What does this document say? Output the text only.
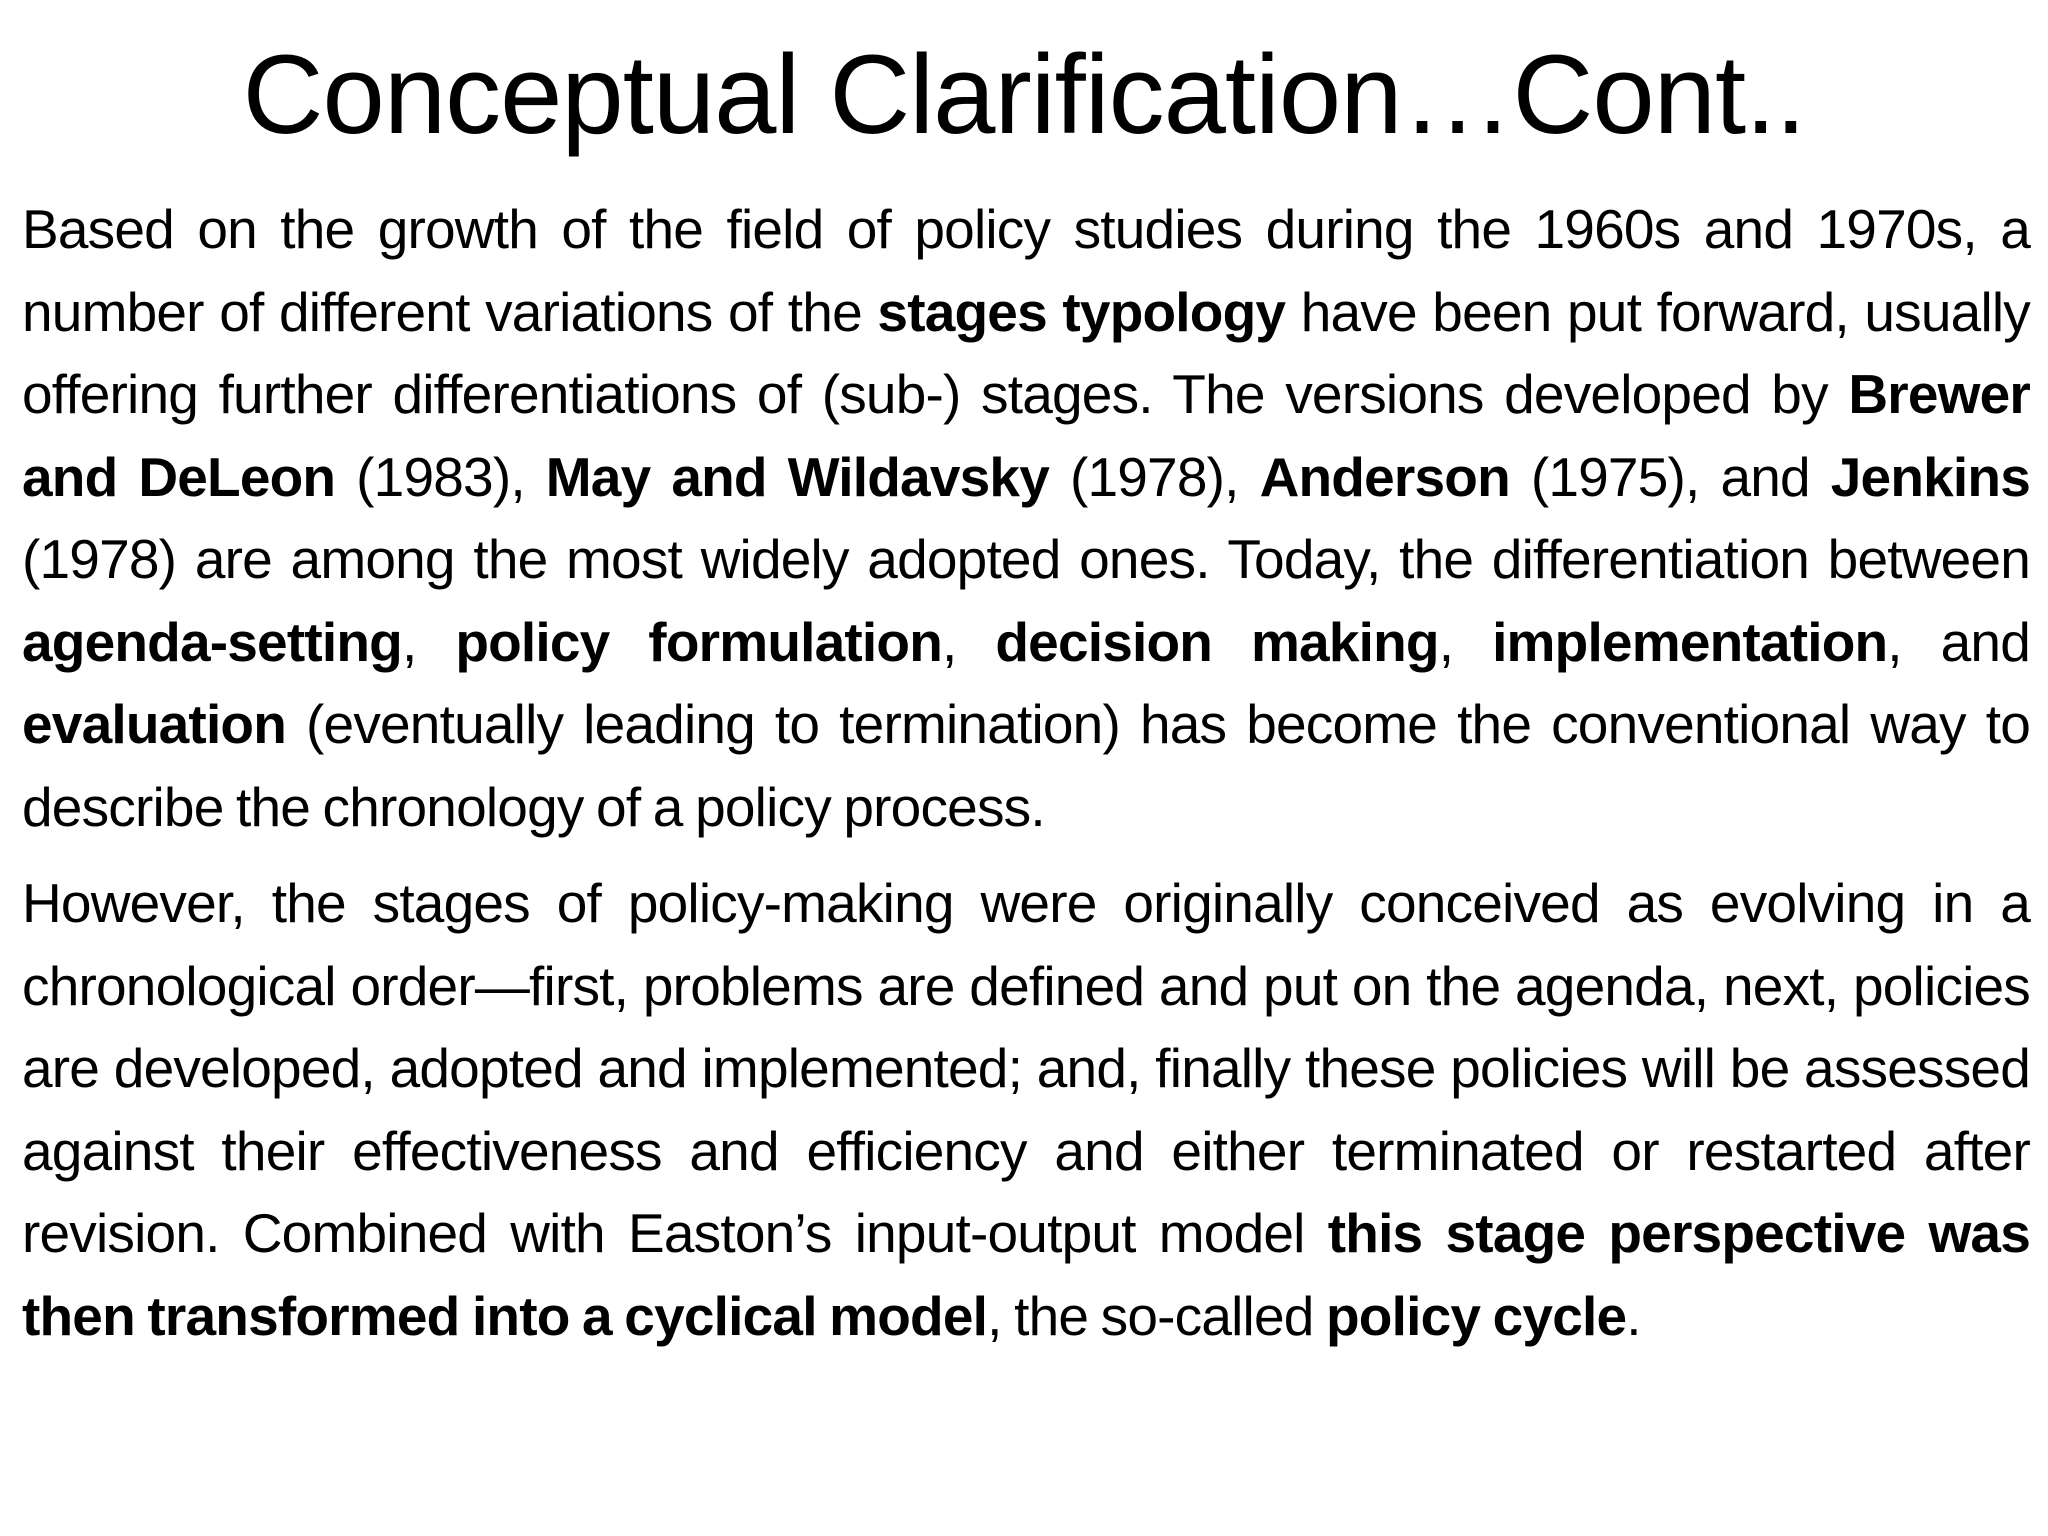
Conceptual Clarification…Cont..

Based on the growth of the field of policy studies during the 1960s and 1970s, a number of different variations of the stages typology have been put forward, usually offering further differentiations of (sub-) stages. The versions developed by Brewer and DeLeon (1983), May and Wildavsky (1978), Anderson (1975), and Jenkins (1978) are among the most widely adopted ones. Today, the differentiation between agenda-setting, policy formulation, decision making, implementation, and evaluation (eventually leading to termination) has become the conventional way to describe the chronology of a policy process.

However, the stages of policy-making were originally conceived as evolving in a chronological order—first, problems are defined and put on the agenda, next, policies are developed, adopted and implemented; and, finally these policies will be assessed against their effectiveness and efficiency and either terminated or restarted after revision. Combined with Easton’s input-output model this stage perspective was then transformed into a cyclical model, the so-called policy cycle.
